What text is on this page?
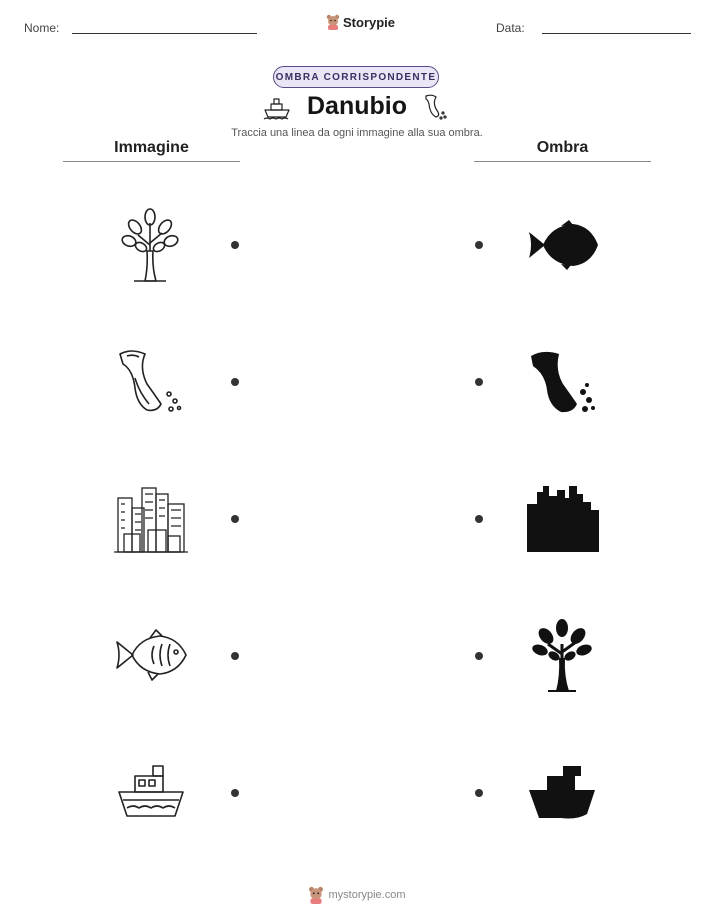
Nome:	Storypie	Data:
OMBRA CORRISPONDENTE
Danubio
Traccia una linea da ogni immagine alla sua ombra.
Immagine	Ombra
mystorypie.com
